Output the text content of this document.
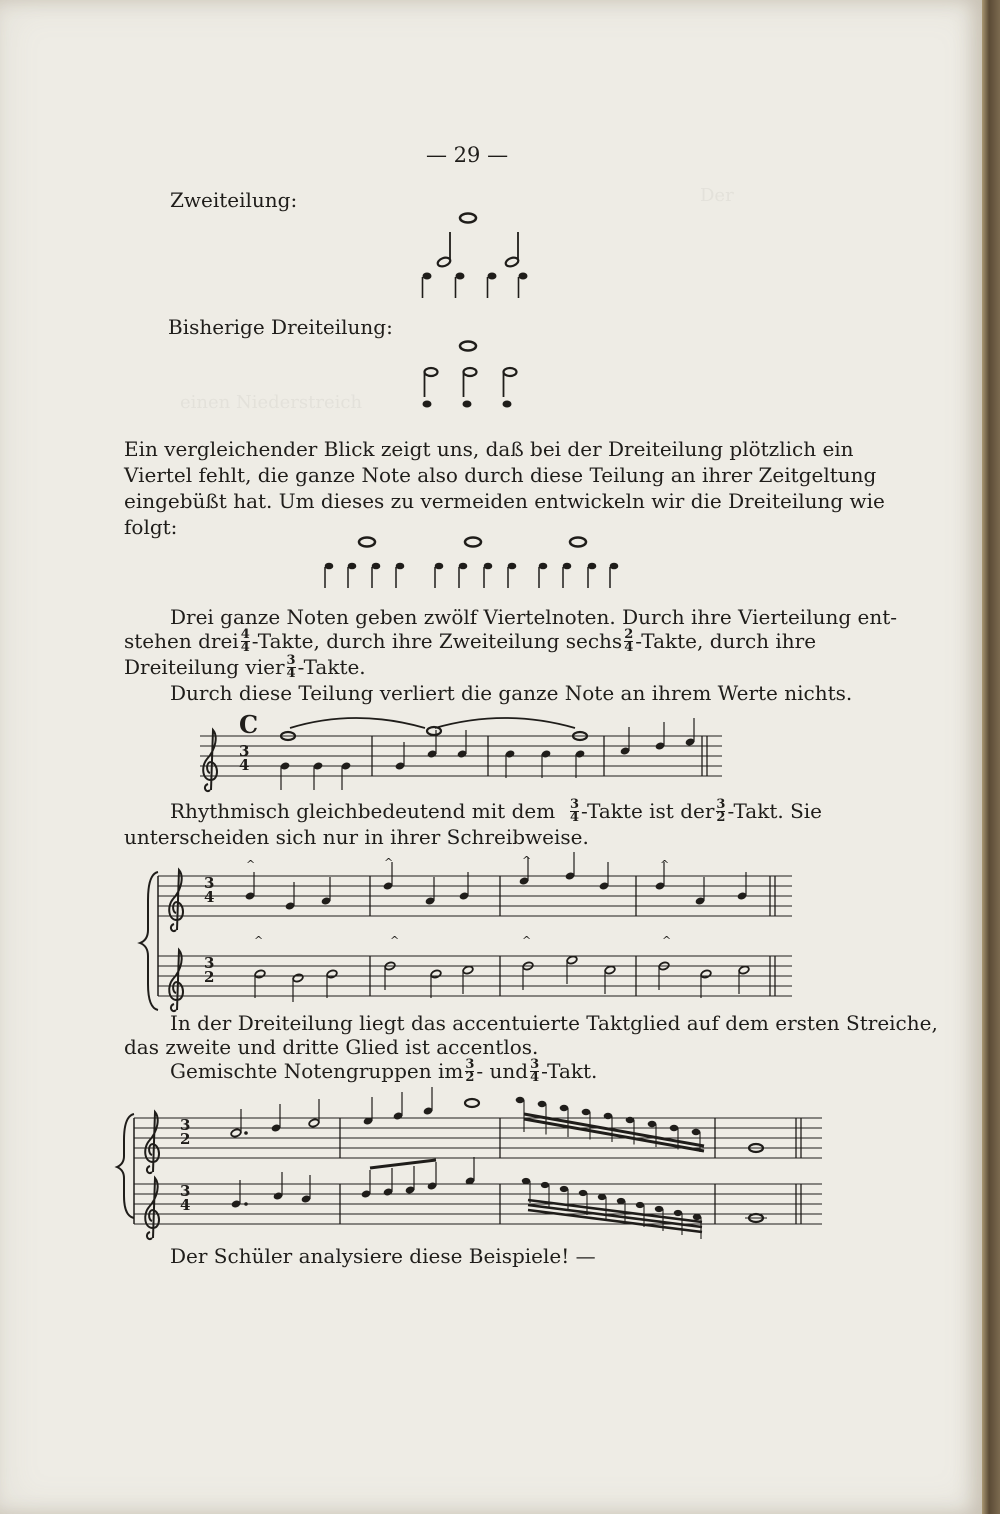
Der
einen Niederstreich
— 29 —
Zweiteilung:
Bisherige Dreiteilung:
Ein vergleichender Blick zeigt uns, daß bei der Dreiteilung plötzlich ein
Viertel fehlt, die ganze Note also durch diese Teilung an ihrer Zeitgeltung
eingebüßt hat. Um dieses zu vermeiden entwickeln wir die Dreiteilung wie
folgt:
Drei ganze Noten geben zwölf Viertelnoten. Durch ihre Vierteilung ent-
stehen drei $\frac{4}{4}$ -Takte, durch ihre Zweiteilung sechs $\frac{2}{4}$ -Takte, durch ihre
Dreiteilung vier $\frac{3}{4}$ -Takte.
Durch diese Teilung verliert die ganze Note an ihrem Werte nichts.
C
3
4
Rhythmisch gleichbedeutend mit dem $\frac{3}{4}$ -Takte ist der $\frac{3}{2}$ -Takt. Sie
unterscheiden sich nur in ihrer Schreibweise.
^	^	^	^
^	^	^	^
3
4
3
2
In der Dreiteilung liegt das accentuierte Taktglied auf dem ersten Streiche,
das zweite und dritte Glied ist accentlos.
Gemischte Notengruppen im $\frac{3}{2}$ - und $\frac{3}{4}$ -Takt.
3
2
3
4
Der Schüler analysiere diese Beispiele! —
